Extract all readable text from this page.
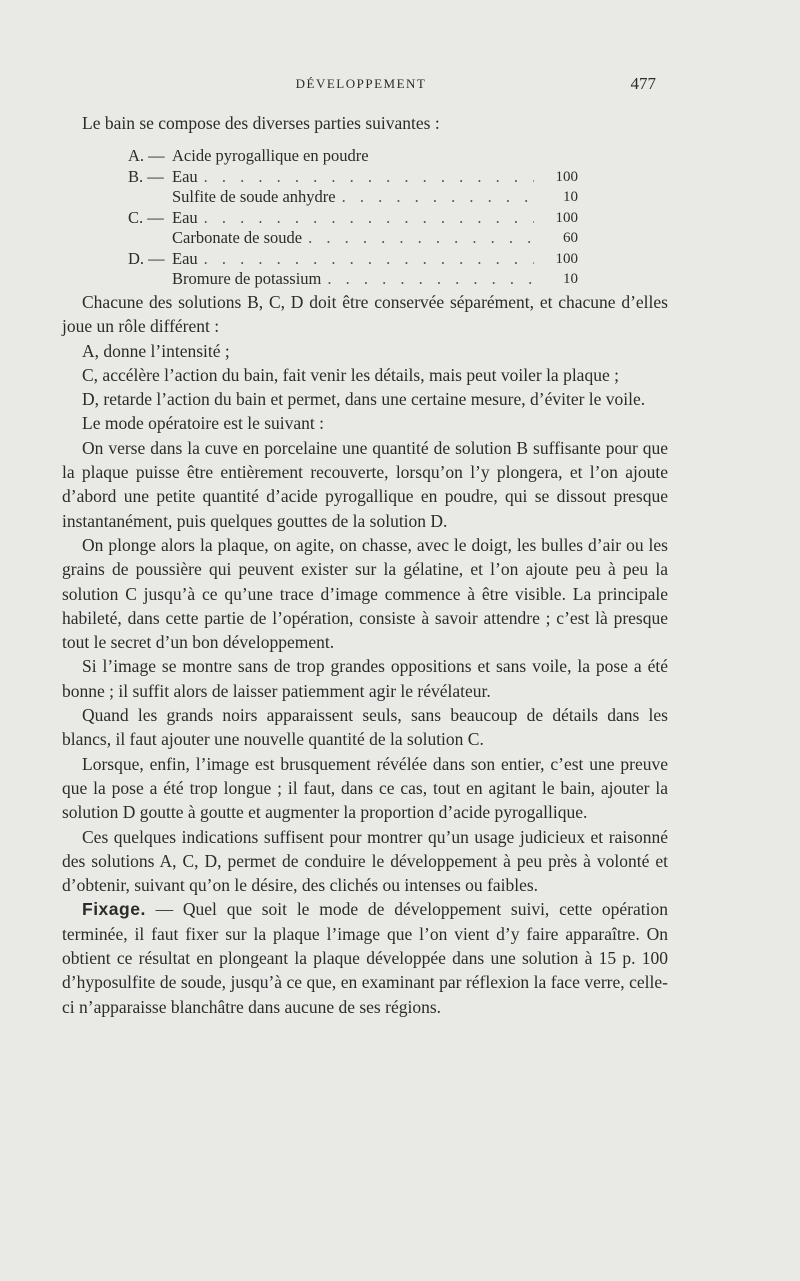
DÉVELOPPEMENT	477
Le bain se compose des diverses parties suivantes :
A. — Acide pyrogallique en poudre
B. — Eau . . .	100
Sulfite de soude anhydre . . .	10
C. — Eau . . .	100
Carbonate de soude . . .	60
D. — Eau . . .	100
Bromure de potassium . . .	10

Chacune des solutions B, C, D doit être conservée séparément, et chacune d’elles joue un rôle différent :

A, donne l’intensité ;

C, accélère l’action du bain, fait venir les détails, mais peut voiler la plaque ;

D, retarde l’action du bain et permet, dans une certaine mesure, d’éviter le voile.

Le mode opératoire est le suivant :

On verse dans la cuve en porcelaine une quantité de solution B suffisante pour que la plaque puisse être entièrement recouverte, lorsqu’on l’y plongera, et l’on ajoute d’abord une petite quantité d’acide pyrogallique en poudre, qui se dissout presque instantanément, puis quelques gouttes de la solution D.

On plonge alors la plaque, on agite, on chasse, avec le doigt, les bulles d’air ou les grains de poussière qui peuvent exister sur la gélatine, et l’on ajoute peu à peu la solution C jusqu’à ce qu’une trace d’image commence à être visible. La principale habileté, dans cette partie de l’opération, consiste à savoir attendre ; c’est là presque tout le secret d’un bon développement.

Si l’image se montre sans de trop grandes oppositions et sans voile, la pose a été bonne ; il suffit alors de laisser patiemment agir le révélateur.

Quand les grands noirs apparaissent seuls, sans beaucoup de détails dans les blancs, il faut ajouter une nouvelle quantité de la solution C.

Lorsque, enfin, l’image est brusquement révélée dans son entier, c’est une preuve que la pose a été trop longue ; il faut, dans ce cas, tout en agitant le bain, ajouter la solution D goutte à goutte et augmenter la proportion d’acide pyrogallique.

Ces quelques indications suffisent pour montrer qu’un usage judicieux et raisonné des solutions A, C, D, permet de conduire le développement à peu près à volonté et d’obtenir, suivant qu’on le désire, des clichés ou intenses ou faibles.

Fixage. — Quel que soit le mode de développement suivi, cette opération terminée, il faut fixer sur la plaque l’image que l’on vient d’y faire apparaître. On obtient ce résultat en plongeant la plaque développée dans une solution à 15 p. 100 d’hyposulfite de soude, jusqu’à ce que, en examinant par réflexion la face verre, celle-ci n’apparaisse blanchâtre dans aucune de ses régions.
